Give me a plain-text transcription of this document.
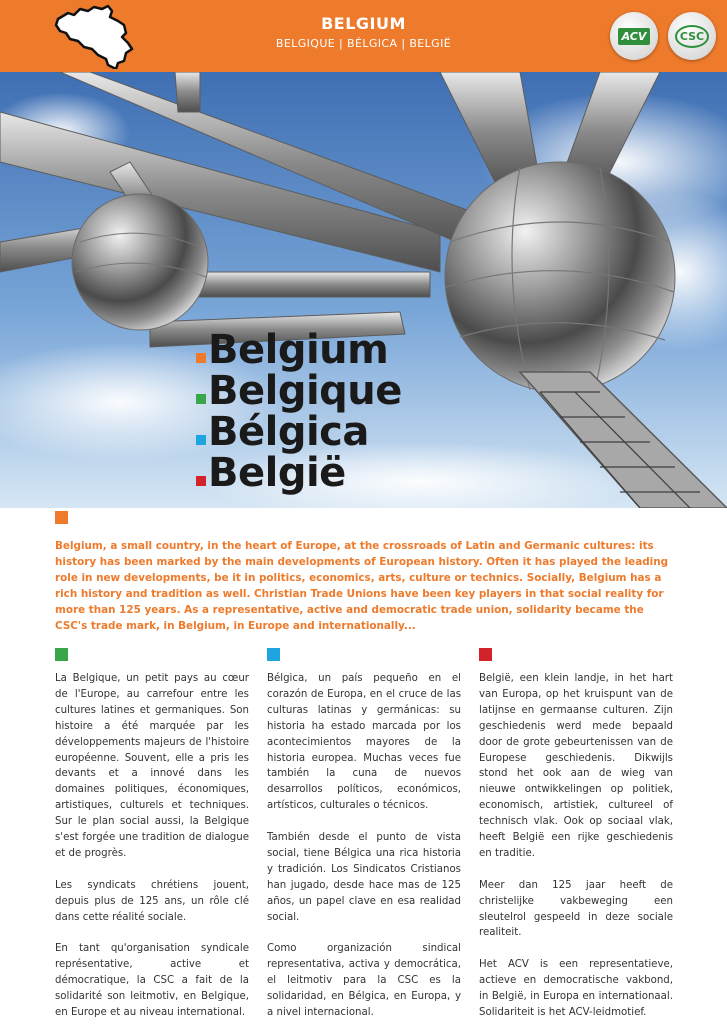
BELGIUM
BELGIQUE | BÉLGICA | BELGIË
ACV	CSC
Belgium
Belgique
Bélgica
België
Belgium, a small country, in the heart of Europe, at the crossroads of Latin and Germanic cultures: its history has been marked by the main developments of European history. Often it has played the leading role in new developments, be it in politics, economics, arts, culture or technics. Socially, Belgium has a rich history and tradition as well. Christian Trade Unions have been key players in that social reality for more than 125 years. As a representative, active and democratic trade union, solidarity became the CSC's trade mark, in Belgium, in Europe and internationally...

La Belgique, un petit pays au cœur de l'Europe, au carrefour entre les cultures latines et germaniques. Son histoire a été marquée par les développements majeurs de l'histoire européenne. Souvent, elle a pris les devants et a innové dans les domaines politiques, économiques, artistiques, culturels et techniques. Sur le plan social aussi, la Belgique s'est forgée une tradition de dialogue et de progrès.

Les syndicats chrétiens jouent, depuis plus de 125 ans, un rôle clé dans cette réalité sociale.

En tant qu'organisation syndicale représentative, active et démocratique, la CSC a fait de la solidarité son leitmotiv, en Belgique, en Europe et au niveau international.

Bélgica, un país pequeño en el corazón de Europa, en el cruce de las culturas latinas y germánicas: su historia ha estado marcada por los acontecimientos mayores de la historia europea. Muchas veces fue también la cuna de nuevos desarrollos políticos, económicos, artísticos, culturales o técnicos.

También desde el punto de vista social, tiene Bélgica una rica historia y tradición. Los Sindicatos Cristianos han jugado, desde hace mas de 125 años, un papel clave en esa realidad social.

Como organización sindical representativa, activa y democrática, el leitmotiv para la CSC es la solidaridad, en Bélgica, en Europa, y a nivel internacional.

België, een klein landje, in het hart van Europa, op het kruispunt van de latijnse en germaanse culturen. Zijn geschiedenis werd mede bepaald door de grote gebeurtenissen van de Europese geschiedenis. Dikwijls stond het ook aan de wieg van nieuwe ontwikkelingen op politiek, economisch, artistiek, cultureel of technisch vlak. Ook op sociaal vlak, heeft België een rijke geschiedenis en traditie.

Meer dan 125 jaar heeft de christelijke vakbeweging een sleutelrol gespeeld in deze sociale realiteit.

Het ACV is een representatieve, actieve en democratische vakbond, in België, in Europa en internationaal. Solidariteit is het ACV-leidmotief.
